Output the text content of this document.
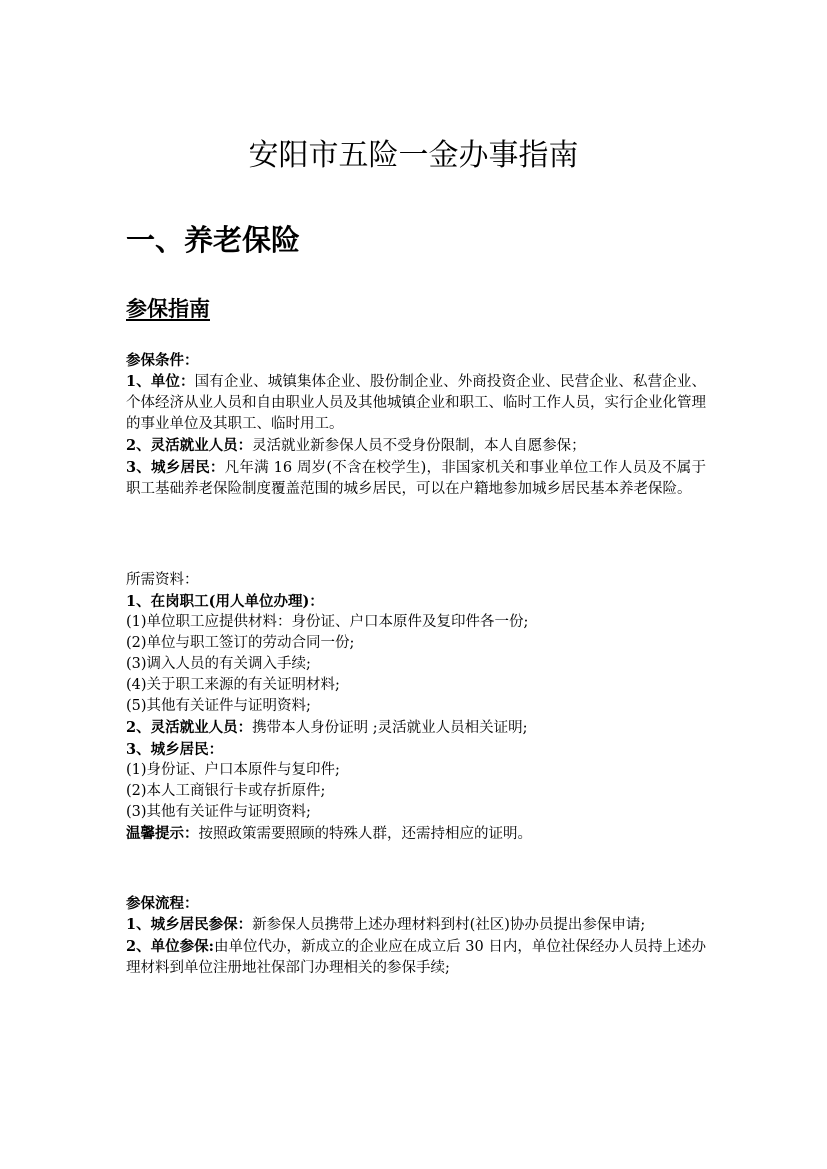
安阳市五险一金办事指南
一、养老保险
参保指南
参保条件：
1、单位：国有企业、城镇集体企业、股份制企业、外商投资企业、民营企业、私营企业、个体经济从业人员和自由职业人员及其他城镇企业和职工、临时工作人员，实行企业化管理的事业单位及其职工、临时用工。
2、灵活就业人员：灵活就业新参保人员不受身份限制，本人自愿参保；
3、城乡居民：凡年满 16 周岁(不含在校学生)，非国家机关和事业单位工作人员及不属于职工基础养老保险制度覆盖范围的城乡居民，可以在户籍地参加城乡居民基本养老保险。
所需资料：
1、在岗职工(用人单位办理)：
(1)单位职工应提供材料：身份证、户口本原件及复印件各一份;
(2)单位与职工签订的劳动合同一份;
(3)调入人员的有关调入手续;
(4)关于职工来源的有关证明材料;
(5)其他有关证件与证明资料;
2、灵活就业人员：携带本人身份证明 ;灵活就业人员相关证明;
3、城乡居民：
(1)身份证、户口本原件与复印件;
(2)本人工商银行卡或存折原件;
(3)其他有关证件与证明资料;
温馨提示：按照政策需要照顾的特殊人群，还需持相应的证明。
参保流程：
1、城乡居民参保：新参保人员携带上述办理材料到村(社区)协办员提出参保申请;
2、单位参保:由单位代办，新成立的企业应在成立后 30 日内，单位社保经办人员持上述办理材料到单位注册地社保部门办理相关的参保手续;
